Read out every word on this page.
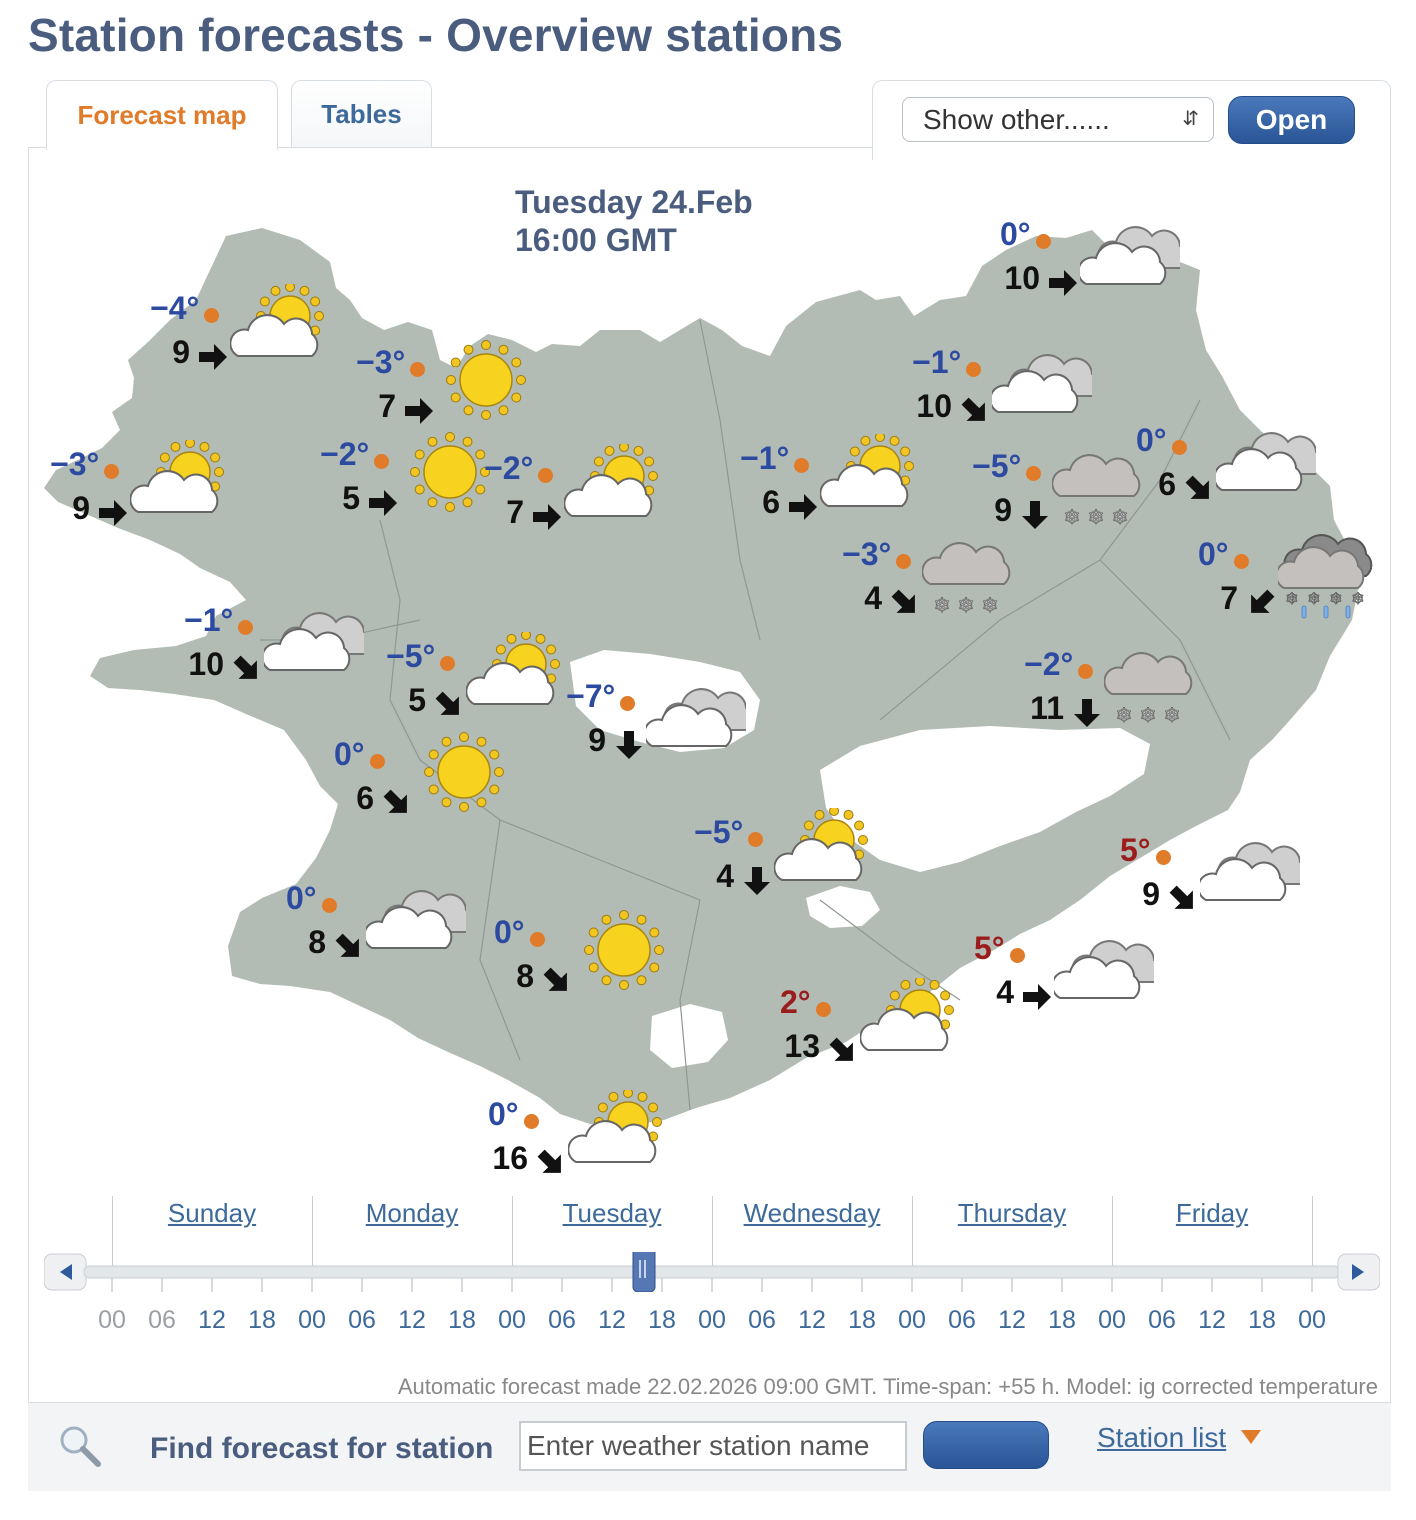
Station forecasts - Overview stations
Forecast map	Tables	Show other......	⇵	Open
Tuesday 24.Feb
16:00 GMT
−4°
9	−3°
7
0°
10
−1°
10
−3°
9
−2°
5
−2°
7
−1°
6
−5°
9	❄ ❄ ❄
0°
6
−3°
4	❄ ❄ ❄
0°
7	❄ ❄ ❄ ❄
−1°
10	−5°
5	−7°
9
−2°
11	❄ ❄ ❄
0°
6
−5°
4
5°
9
0°
8	0°
8
5°
4
2°
13
0°
16
Sunday	Monday	Tuesday	Wednesday	Thursday	Friday
00 06 12 18 00 06 12 18 00 06 12 18 00 06 12 18 00 06 12 18 00 06 12 18 00
Automatic forecast made 22.02.2026 09:00 GMT. Time-span: +55 h. Model: ig corrected temperature
Find forecast for station
Enter weather station name	Station list
